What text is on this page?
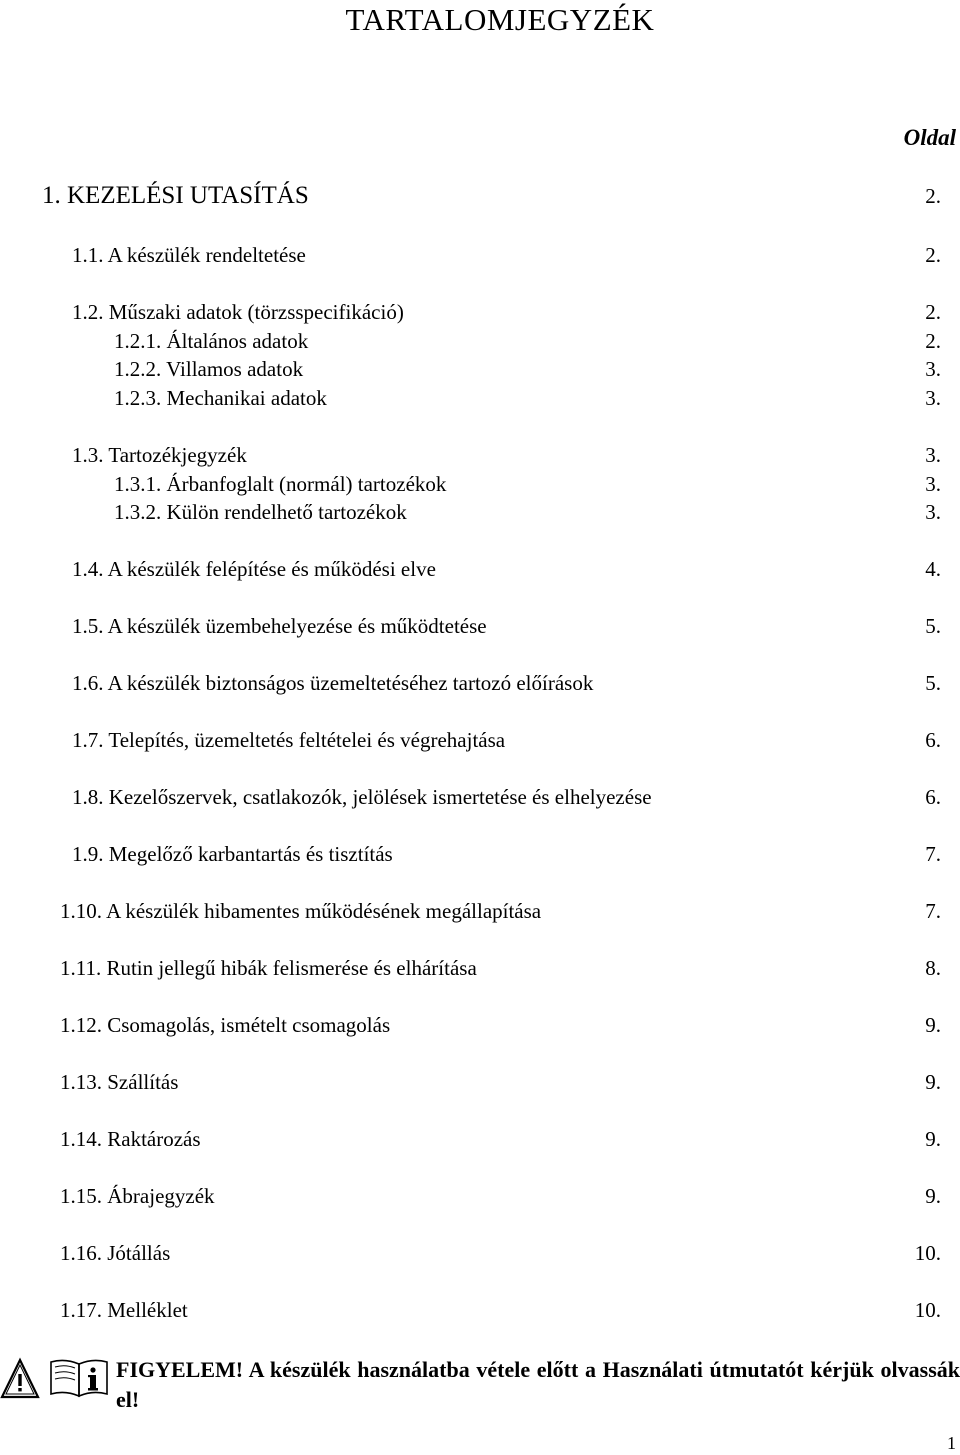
TARTALOMJEGYZÉK
Oldal
1. KEZELÉSI UTASÍTÁS	2.
1.1. A készülék rendeltetése	2.
1.2. Műszaki adatok (törzsspecifikáció)	2.
1.2.1. Általános adatok	2.
1.2.2. Villamos adatok	3.
1.2.3. Mechanikai adatok	3.
1.3. Tartozékjegyzék	3.
1.3.1. Árbanfoglalt (normál) tartozékok	3.
1.3.2. Külön rendelhető tartozékok	3.
1.4. A készülék felépítése és működési elve	4.
1.5. A készülék üzembehelyezése és működtetése	5.
1.6. A készülék biztonságos üzemeltetéséhez tartozó előírások	5.
1.7. Telepítés, üzemeltetés feltételei és végrehajtása	6.
1.8. Kezelőszervek, csatlakozók, jelölések ismertetése és elhelyezése	6.
1.9. Megelőző karbantartás és tisztítás	7.
1.10. A készülék hibamentes működésének megállapítása	7.
1.11. Rutin jellegű hibák felismerése és elhárítása	8.
1.12. Csomagolás, ismételt csomagolás	9.
1.13. Szállítás	9.
1.14. Raktározás	9.
1.15. Ábrajegyzék	9.
1.16. Jótállás	10.
1.17. Melléklet	10.
FIGYELEM! A készülék használatba vétele előtt a Használati útmutatót kérjük olvassák el!
1
